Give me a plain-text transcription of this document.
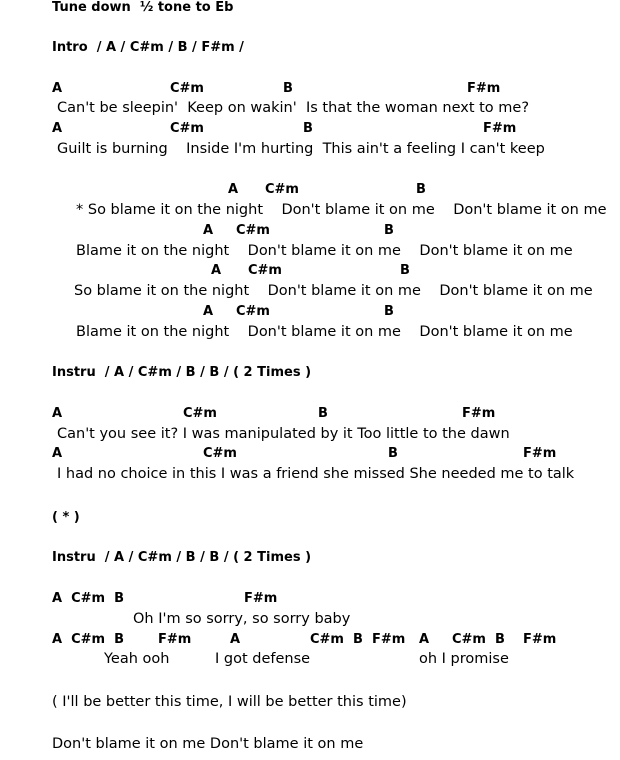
Tune down  ½ tone to Eb
Intro  / A / C#m / B / F#m /
A	C#m	B	F#m
Can't be sleepin'  Keep on wakin'  Is that the woman next to me?
A	C#m	B	F#m
Guilt is burning    Inside I'm hurting  This ain't a feeling I can't keep
A C#m	B
* So blame it on the night    Don't blame it on me    Don't blame it on me
A C#m	B
Blame it on the night    Don't blame it on me    Don't blame it on me
A C#m	B
So blame it on the night    Don't blame it on me    Don't blame it on me
A C#m	B
Blame it on the night    Don't blame it on me    Don't blame it on me
Instru  / A / C#m / B / B / ( 2 Times )
A	C#m	B	F#m
Can't you see it? I was manipulated by it Too little to the dawn
A	C#m	B	F#m
I had no choice in this I was a friend she missed She needed me to talk
( * )
Instru  / A / C#m / B / B / ( 2 Times )
A  C#m  B	F#m
Oh I'm so sorry, so sorry baby
A  C#m  B	F#m	A	C#m  B  F#m A C#m  B F#m
Yeah ooh	I got defense	oh I promise
( I'll be better this time, I will be better this time)
Don't blame it on me Don't blame it on me
